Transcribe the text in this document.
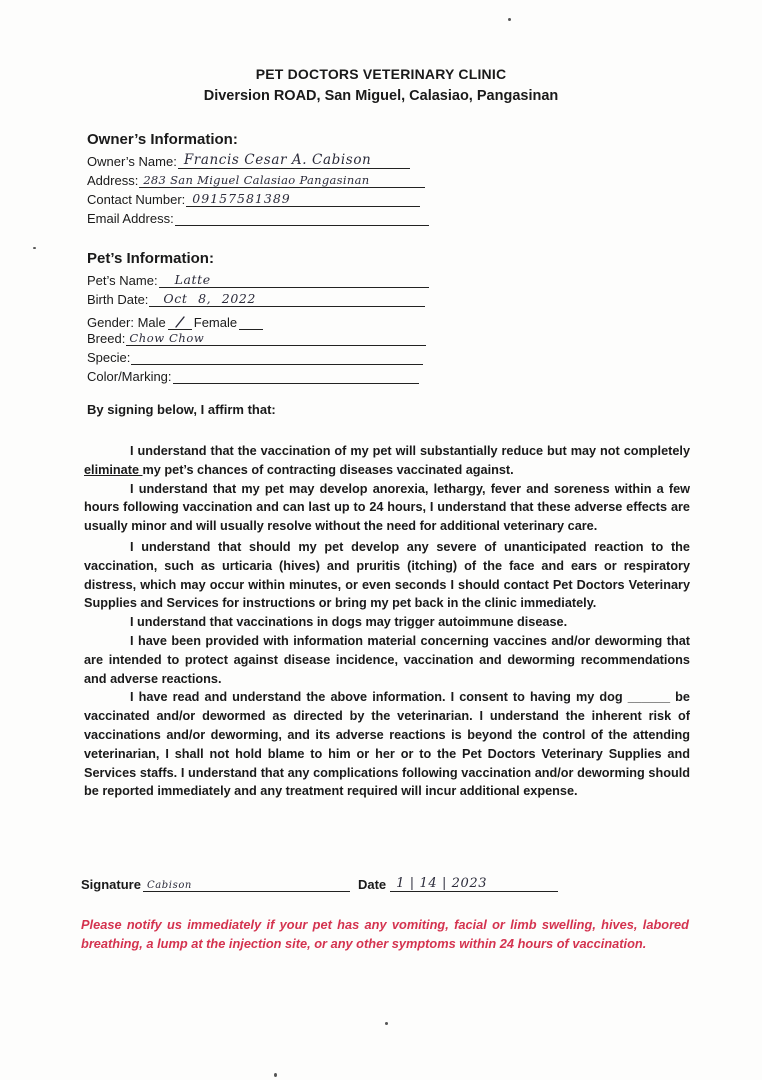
PET DOCTORS VETERINARY CLINIC
Diversion ROAD, San Miguel, Calasiao, Pangasinan
Owner’s Information:
Owner’s Name: Francis Cesar A. Cabison
Address: 283 San Miguel Calasiao Pangasinan
Contact Number: 09157581389
Email Address:
Pet’s Information:
Pet’s Name: Latte
Birth Date: Oct 8, 2022
Gender: Male Female
Breed: Chow Chow
Specie:
Color/Marking:
By signing below, I affirm that:

I understand that the vaccination of my pet will substantially reduce but may not completely eliminate my pet’s chances of contracting diseases vaccinated against.

I understand that my pet may develop anorexia, lethargy, fever and soreness within a few hours following vaccination and can last up to 24 hours, I understand that these adverse effects are usually minor and will usually resolve without the need for additional veterinary care.

I understand that should my pet develop any severe of unanticipated reaction to the vaccination, such as urticaria (hives) and pruritis (itching) of the face and ears or respiratory distress, which may occur within minutes, or even seconds I should contact Pet Doctors Veterinary Supplies and Services for instructions or bring my pet back in the clinic immediately.

I understand that vaccinations in dogs may trigger autoimmune disease.

I have been provided with information material concerning vaccines and/or deworming that are intended to protect against disease incidence, vaccination and deworming recommendations and adverse reactions.

I have read and understand the above information. I consent to having my dog ______ be vaccinated and/or dewormed as directed by the veterinarian. I understand the inherent risk of vaccinations and/or deworming, and its adverse reactions is beyond the control of the attending veterinarian, I shall not hold blame to him or her or to the Pet Doctors Veterinary Supplies and Services staffs. I understand that any complications following vaccination and/or deworming should be reported immediately and any treatment required will incur additional expense.

Signature Cabison	Date 1 | 14 | 2023
Please notify us immediately if your pet has any vomiting, facial or limb swelling, hives, labored breathing, a lump at the injection site, or any other symptoms within 24 hours of vaccination.
